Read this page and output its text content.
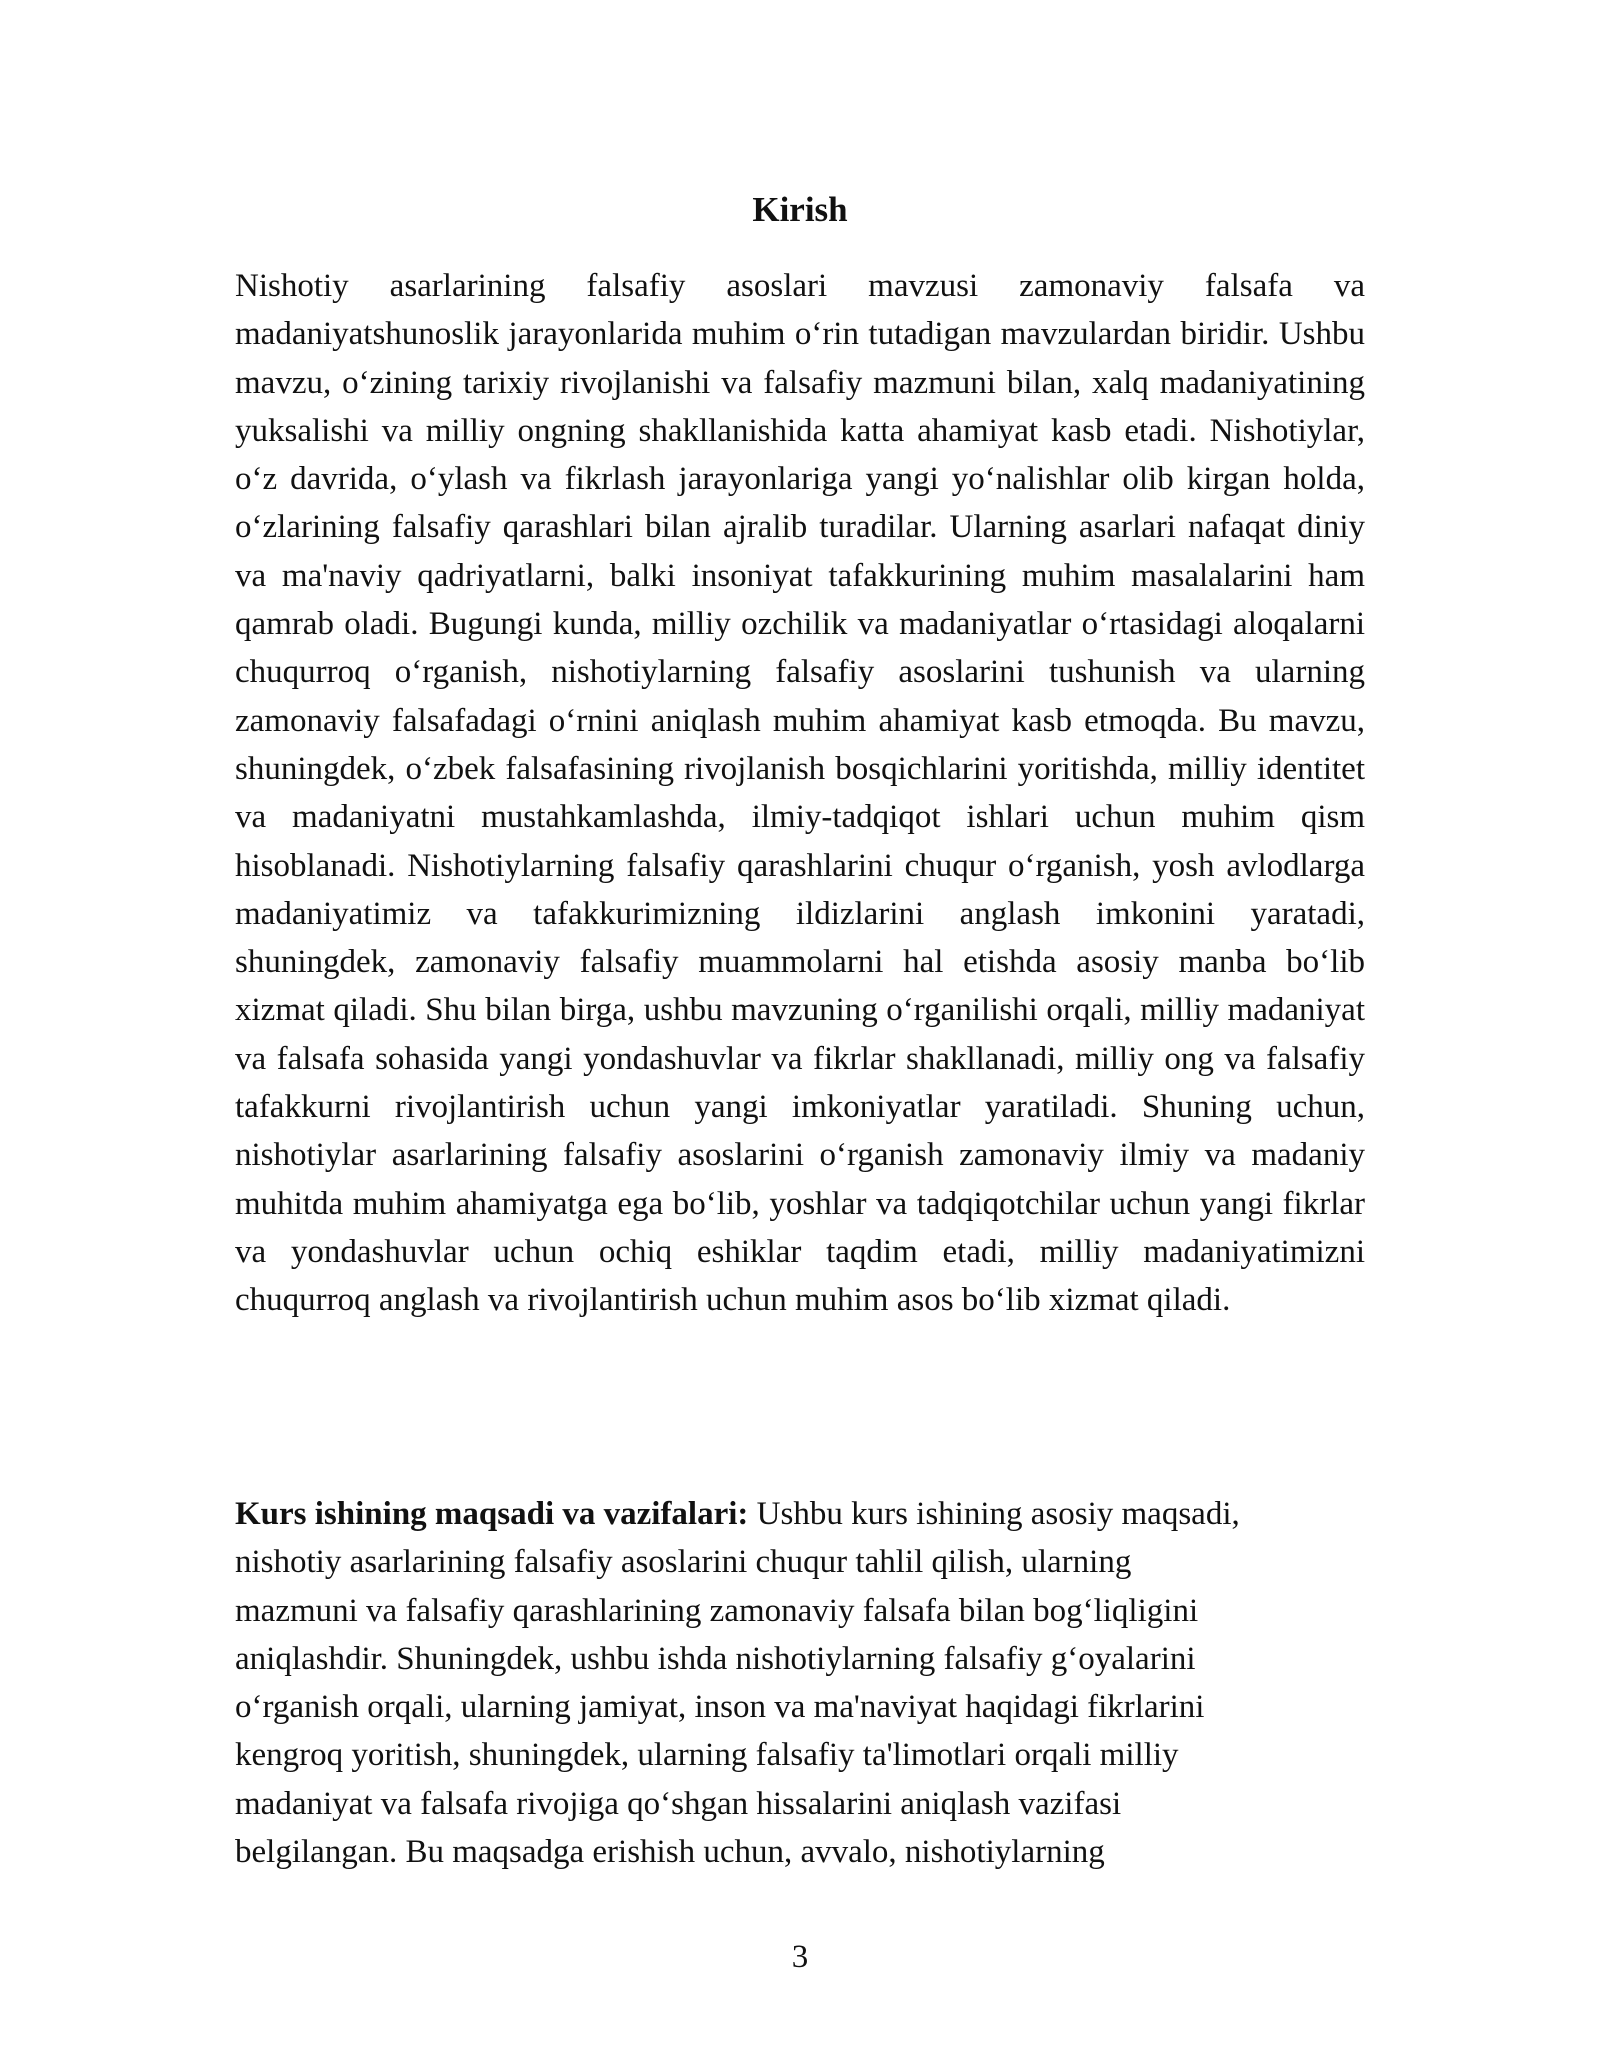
Kirish

Nishotiy asarlarining falsafiy asoslari mavzusi zamonaviy falsafa va madaniyatshunoslik jarayonlarida muhim o‘rin tutadigan mavzulardan biridir. Ushbu mavzu, o‘zining tarixiy rivojlanishi va falsafiy mazmuni bilan, xalq madaniyatining yuksalishi va milliy ongning shakllanishida katta ahamiyat kasb etadi. Nishotiylar, o‘z davrida, o‘ylash va fikrlash jarayonlariga yangi yo‘nalishlar olib kirgan holda, o‘zlarining falsafiy qarashlari bilan ajralib turadilar. Ularning asarlari nafaqat diniy va ma'naviy qadriyatlarni, balki insoniyat tafakkurining muhim masalalarini ham qamrab oladi. Bugungi kunda, milliy ozchilik va madaniyatlar o‘rtasidagi aloqalarni chuqurroq o‘rganish, nishotiylarning falsafiy asoslarini tushunish va ularning zamonaviy falsafadagi o‘rnini aniqlash muhim ahamiyat kasb etmoqda. Bu mavzu, shuningdek, o‘zbek falsafasining rivojlanish bosqichlarini yoritishda, milliy identitet va madaniyatni mustahkamlashda, ilmiy-tadqiqot ishlari uchun muhim qism hisoblanadi. Nishotiylarning falsafiy qarashlarini chuqur o‘rganish, yosh avlodlarga madaniyatimiz va tafakkurimizning ildizlarini anglash imkonini yaratadi, shuningdek, zamonaviy falsafiy muammolarni hal etishda asosiy manba bo‘lib xizmat qiladi. Shu bilan birga, ushbu mavzuning o‘rganilishi orqali, milliy madaniyat va falsafa sohasida yangi yondashuvlar va fikrlar shakllanadi, milliy ong va falsafiy tafakkurni rivojlantirish uchun yangi imkoniyatlar yaratiladi. Shuning uchun, nishotiylar asarlarining falsafiy asoslarini o‘rganish zamonaviy ilmiy va madaniy muhitda muhim ahamiyatga ega bo‘lib, yoshlar va tadqiqotchilar uchun yangi fikrlar va yondashuvlar uchun ochiq eshiklar taqdim etadi, milliy madaniyatimizni chuqurroq anglash va rivojlantirish uchun muhim asos bo‘lib xizmat qiladi.

Kurs ishining maqsadi va vazifalari: Ushbu kurs ishining asosiy maqsadi,
nishotiy asarlarining falsafiy asoslarini chuqur tahlil qilish, ularning
mazmuni va falsafiy qarashlarining zamonaviy falsafa bilan bog‘liqligini
aniqlashdir. Shuningdek, ushbu ishda nishotiylarning falsafiy g‘oyalarini
o‘rganish orqali, ularning jamiyat, inson va ma'naviyat haqidagi fikrlarini
kengroq yoritish, shuningdek, ularning falsafiy ta'limotlari orqali milliy
madaniyat va falsafa rivojiga qo‘shgan hissalarini aniqlash vazifasi
belgilangan. Bu maqsadga erishish uchun, avvalo, nishotiylarning

3
